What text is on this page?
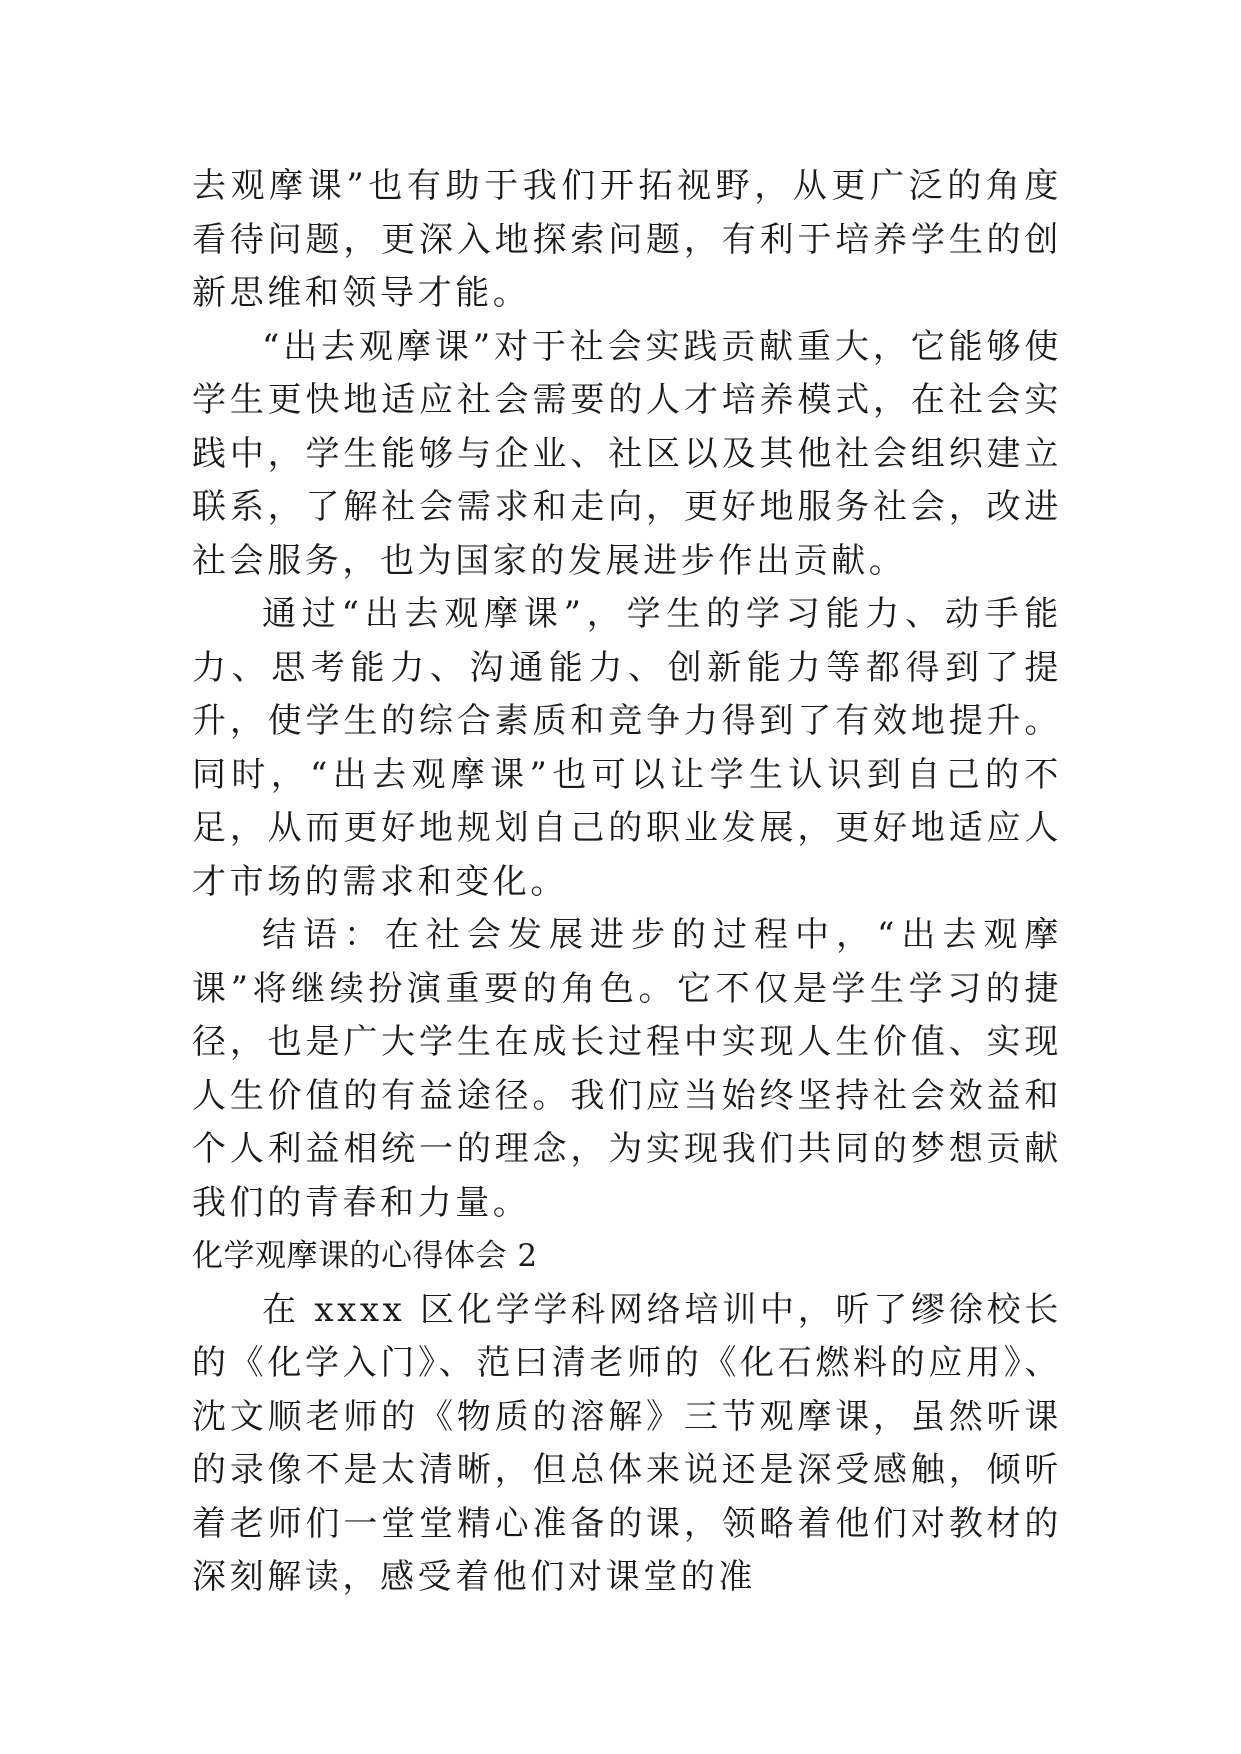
去观摩课”也有助于我们开拓视野，从更广泛的角度看待问题，更深入地探索问题，有利于培养学生的创新思维和领导才能。

“出去观摩课”对于社会实践贡献重大，它能够使学生更快地适应社会需要的人才培养模式，在社会实践中，学生能够与企业、社区以及其他社会组织建立联系，了解社会需求和走向，更好地服务社会，改进社会服务，也为国家的发展进步作出贡献。

通过“出去观摩课”，学生的学习能力、动手能力、思考能力、沟通能力、创新能力等都得到了提升，使学生的综合素质和竞争力得到了有效地提升。同时，“出去观摩课”也可以让学生认识到自己的不足，从而更好地规划自己的职业发展，更好地适应人才市场的需求和变化。

结语：在社会发展进步的过程中，“出去观摩课”将继续扮演重要的角色。它不仅是学生学习的捷径，也是广大学生在成长过程中实现人生价值、实现人生价值的有益途径。我们应当始终坚持社会效益和个人利益相统一的理念，为实现我们共同的梦想贡献我们的青春和力量。

化学观摩课的心得体会 2

在 xxxx 区化学学科网络培训中，听了缪徐校长的《化学入门》、范曰清老师的《化石燃料的应用》、沈文顺老师的《物质的溶解》三节观摩课，虽然听课的录像不是太清晰，但总体来说还是深受感触，倾听着老师们一堂堂精心准备的课，领略着他们对教材的深刻解读，感受着他们对课堂的准
